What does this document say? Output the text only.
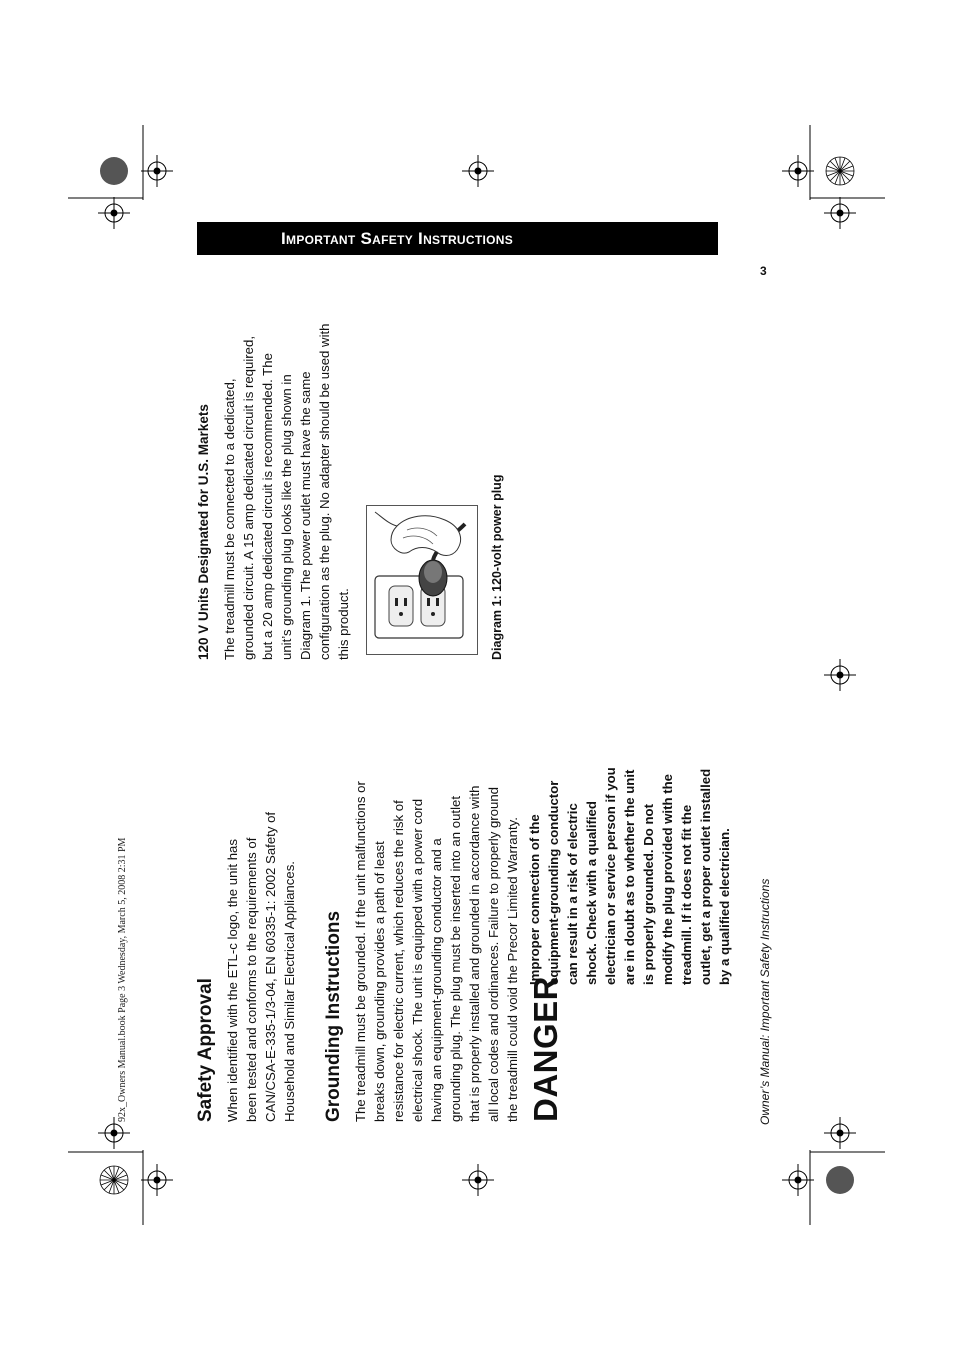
Important Safety Instructions
3
92x_Owners Manual.book Page 3 Wednesday, March 5, 2008 2:31 PM	Owner’s Manual: Important Safety Instructions
Safety Approval When identified with the ETL-c logo, the unit has been tested and conforms to the requirements of CAN/CSA-E-335-1/3-04, EN 60335-1: 2002 Safety of Household and Similar Electrical Appliances. Grounding Instructions The treadmill must be grounded. If the unit malfunctions or breaks down, grounding provides a path of least resistance for electric current, which reduces the risk of electrical shock. The unit is equipped with a power cord having an equipment-grounding conductor and a grounding plug. The plug must be inserted into an outlet that is properly installed and grounded in accordance with all local codes and ordinances. Failure to properly ground the treadmill could void the Precor Limited Warranty. DANGER
Improper connection of the equipment-grounding conductor can result in a risk of electric shock. Check with a qualified electrician or service person if you are in doubt as to whether the unit is properly grounded. Do not modify the plug provided with the treadmill. If it does not fit the outlet, get a proper outlet installed by a qualified electrician.
120 V Units Designated for U.S. Markets The treadmill must be connected to a dedicated, grounded circuit. A 15 amp dedicated circuit is required, but a 20 amp dedicated circuit is recommended. The unit’s grounding plug looks like the plug shown in Diagram 1. The power outlet must have the same configuration as the plug. No adapter should be used with this product.	Diagram 1: 120-volt power plug
